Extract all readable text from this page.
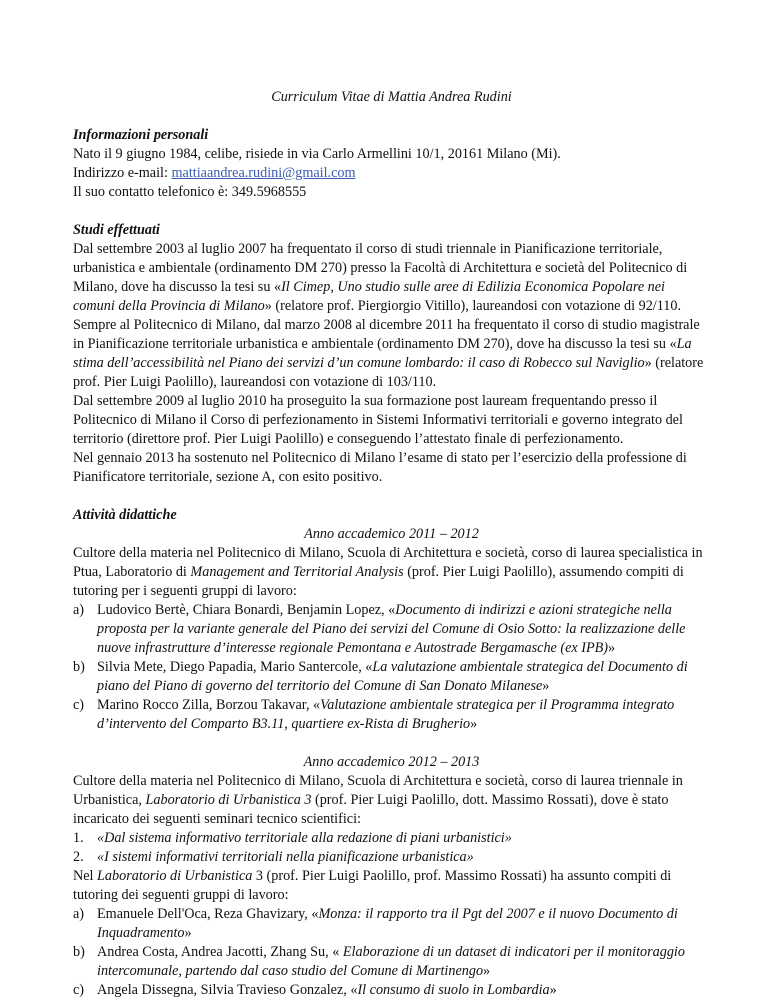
Curriculum Vitae di Mattia Andrea Rudini

Informazioni personali

Nato il 9 giugno 1984, celibe, risiede in via Carlo Armellini 10/1, 20161 Milano (Mi).

Indirizzo e-mail: mattiaandrea.rudini@gmail.com

Il suo contatto telefonico è: 349.5968555

Studi effettuati

Dal settembre 2003 al luglio 2007 ha frequentato il corso di studi triennale in Pianificazione territoriale, urbanistica e ambientale (ordinamento DM 270) presso la Facoltà di Architettura e società del Politecnico di Milano, dove ha discusso la tesi su «Il Cimep, Uno studio sulle aree di Edilizia Economica Popolare nei comuni della Provincia di Milano» (relatore prof. Piergiorgio Vitillo), laureandosi con votazione di 92/110.

Sempre al Politecnico di Milano, dal marzo 2008 al dicembre 2011 ha frequentato il corso di studio magistrale in Pianificazione territoriale urbanistica e ambientale (ordinamento DM 270), dove ha discusso la tesi su «La stima dell’accessibilità nel Piano dei servizi d’un comune lombardo: il caso di Robecco sul Naviglio» (relatore prof. Pier Luigi Paolillo), laureandosi con votazione di 103/110.

Dal settembre 2009 al luglio 2010 ha proseguito la sua formazione post lauream frequentando presso il Politecnico di Milano il Corso di perfezionamento in Sistemi Informativi territoriali e governo integrato del territorio (direttore prof. Pier Luigi Paolillo) e conseguendo l’attestato finale di perfezionamento.

Nel gennaio 2013 ha sostenuto nel Politecnico di Milano l’esame di stato per l’esercizio della professione di Pianificatore territoriale, sezione A, con esito positivo.

Attività didattiche

Anno accademico 2011 – 2012

Cultore della materia nel Politecnico di Milano, Scuola di Architettura e società, corso di laurea specialistica in Ptua, Laboratorio di Management and Territorial Analysis (prof. Pier Luigi Paolillo), assumendo compiti di tutoring per i seguenti gruppi di lavoro:

a) Ludovico Bertè, Chiara Bonardi, Benjamin Lopez, «Documento di indirizzi e azioni strategiche nella proposta per la variante generale del Piano dei servizi del Comune di Osio Sotto: la realizzazione delle nuove infrastrutture d’interesse regionale Pemontana e Autostrade Bergamasche (ex IPB)»
b) Silvia Mete, Diego Papadia, Mario Santercole, «La valutazione ambientale strategica del Documento di piano del Piano di governo del territorio del Comune di San Donato Milanese»
c) Marino Rocco Zilla, Borzou Takavar, «Valutazione ambientale strategica per il Programma integrato d’intervento del Comparto B3.11, quartiere ex-Rista di Brugherio»

Anno accademico 2012 – 2013

Cultore della materia nel Politecnico di Milano, Scuola di Architettura e società, corso di laurea triennale in Urbanistica, Laboratorio di Urbanistica 3 (prof. Pier Luigi Paolillo, dott. Massimo Rossati), dove è stato incaricato dei seguenti seminari tecnico scientifici:

1. «Dal sistema informativo territoriale alla redazione di piani urbanistici»
2. «I sistemi informativi territoriali nella pianificazione urbanistica»

Nel Laboratorio di Urbanistica 3 (prof. Pier Luigi Paolillo, prof. Massimo Rossati) ha assunto compiti di tutoring dei seguenti gruppi di lavoro:

a) Emanuele Dell'Oca, Reza Ghavizary, «Monza: il rapporto tra il Pgt del 2007 e il nuovo Documento di Inquadramento»
b) Andrea Costa, Andrea Jacotti, Zhang Su, « Elaborazione di un dataset di indicatori per il monitoraggio intercomunale, partendo dal caso studio del Comune di Martinengo»
c) Angela Dissegna, Silvia Travieso Gonzalez, «Il consumo di suolo in Lombardia»
